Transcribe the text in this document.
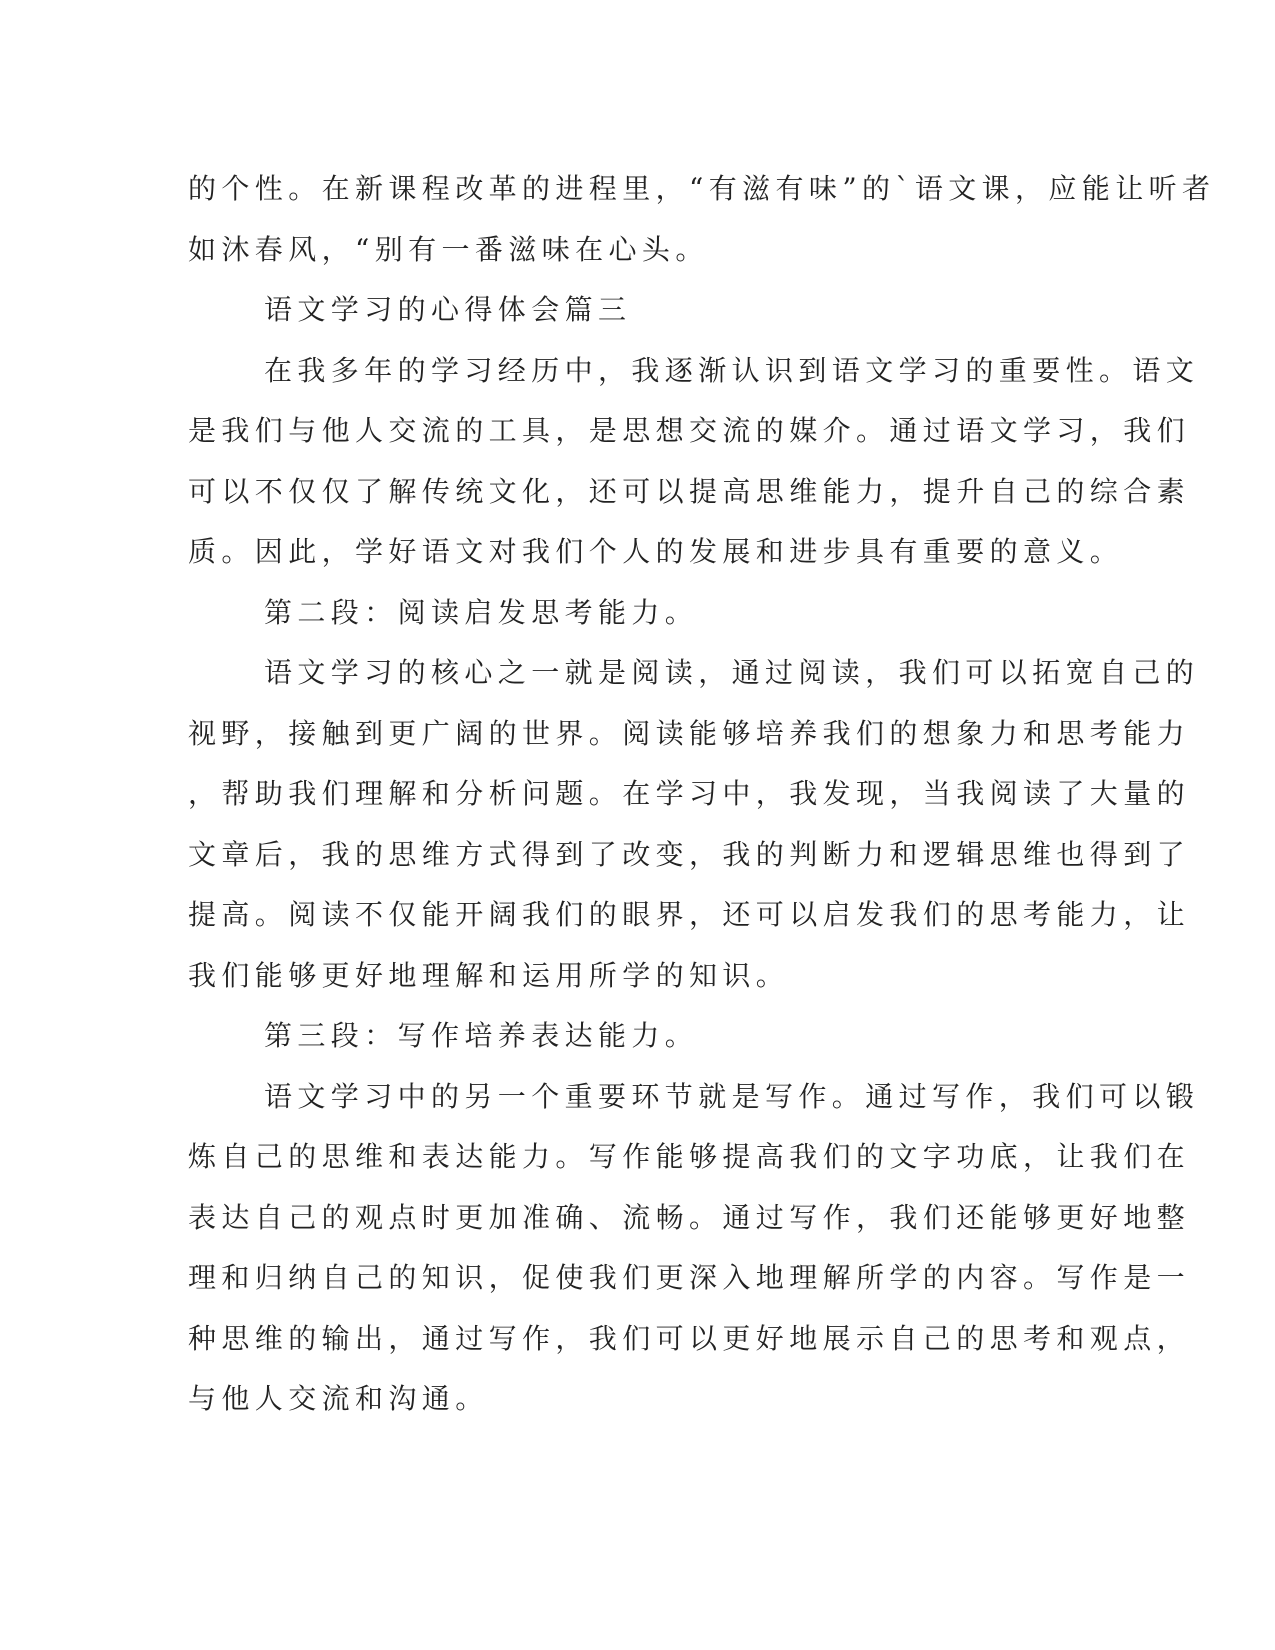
的个性。在新课程改革的进程里，“有滋有味”的`语文课，应能让听者
如沐春风，“别有一番滋味在心头。
语文学习的心得体会篇三
在我多年的学习经历中，我逐渐认识到语文学习的重要性。语文
是我们与他人交流的工具，是思想交流的媒介。通过语文学习，我们
可以不仅仅了解传统文化，还可以提高思维能力，提升自己的综合素
质。因此，学好语文对我们个人的发展和进步具有重要的意义。
第二段：阅读启发思考能力。
语文学习的核心之一就是阅读，通过阅读，我们可以拓宽自己的
视野，接触到更广阔的世界。阅读能够培养我们的想象力和思考能力
，帮助我们理解和分析问题。在学习中，我发现，当我阅读了大量的
文章后，我的思维方式得到了改变，我的判断力和逻辑思维也得到了
提高。阅读不仅能开阔我们的眼界，还可以启发我们的思考能力，让
我们能够更好地理解和运用所学的知识。
第三段：写作培养表达能力。
语文学习中的另一个重要环节就是写作。通过写作，我们可以锻
炼自己的思维和表达能力。写作能够提高我们的文字功底，让我们在
表达自己的观点时更加准确、流畅。通过写作，我们还能够更好地整
理和归纳自己的知识，促使我们更深入地理解所学的内容。写作是一
种思维的输出，通过写作，我们可以更好地展示自己的思考和观点，
与他人交流和沟通。
